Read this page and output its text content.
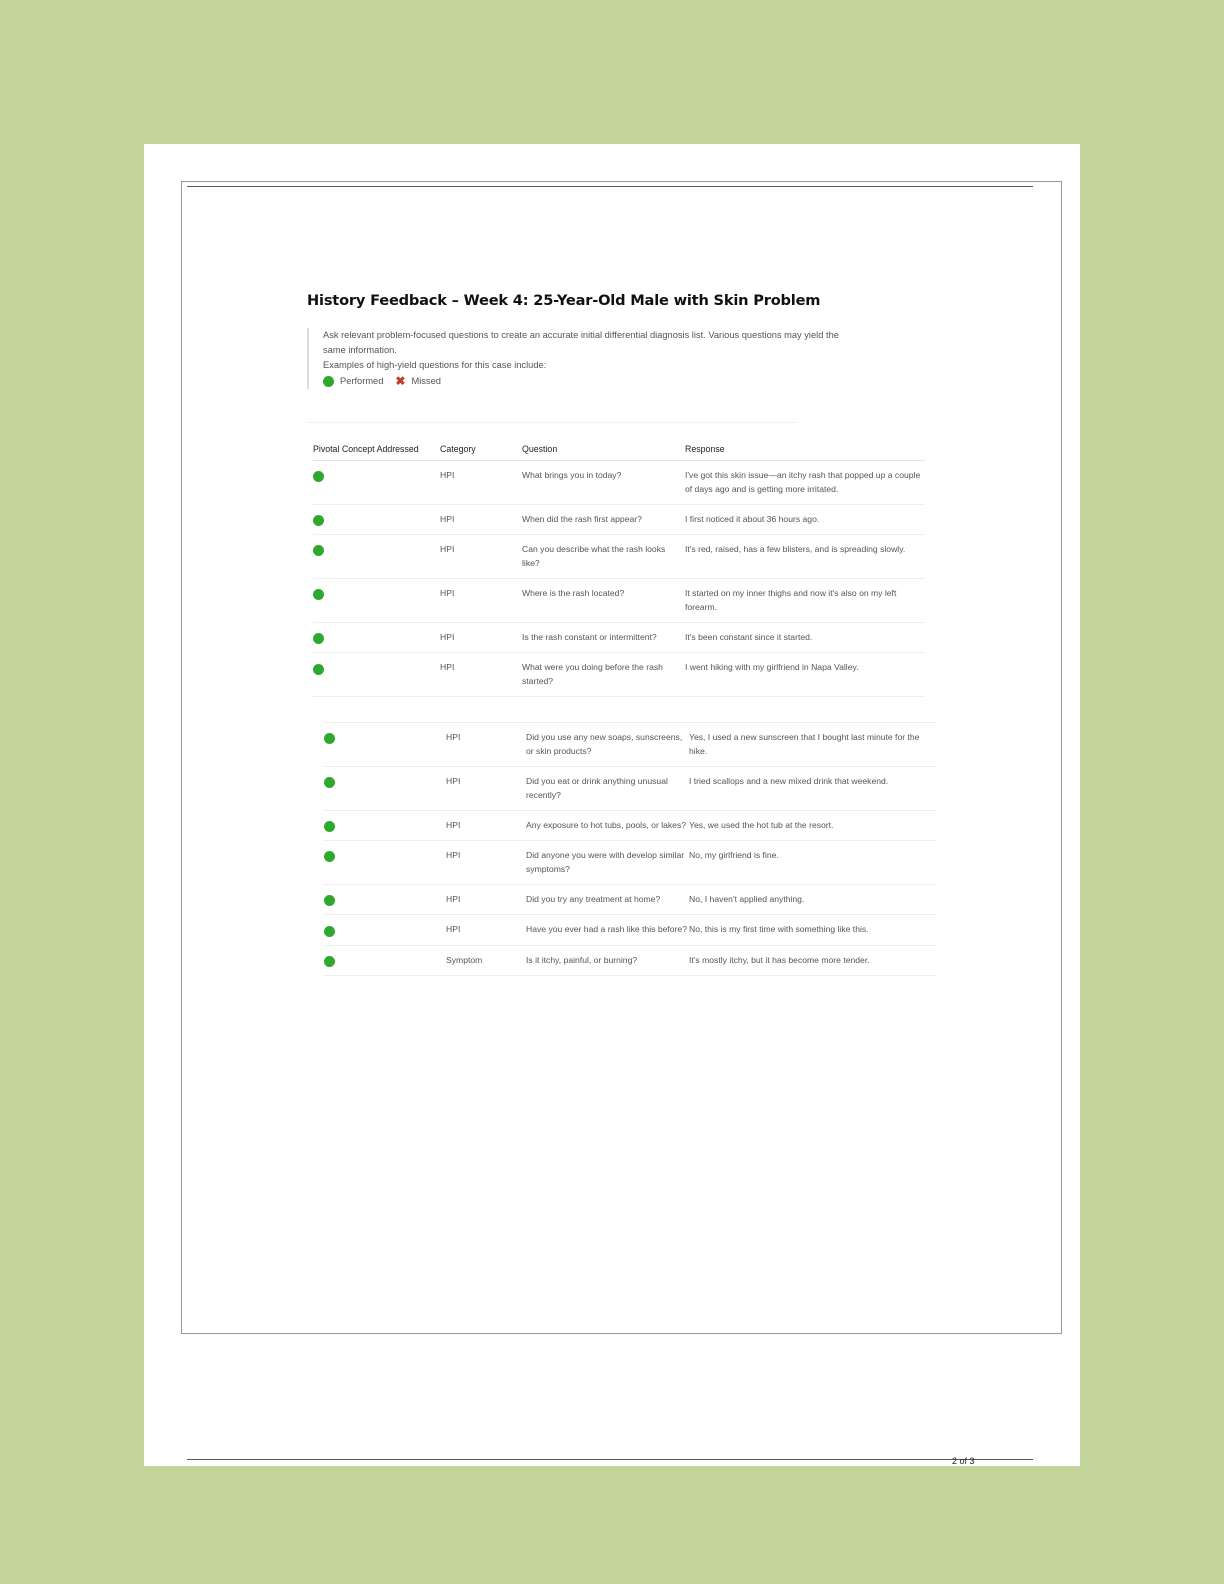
History Feedback – Week 4: 25-Year-Old Male with Skin Problem
Ask relevant problem-focused questions to create an accurate initial differential diagnosis list. Various questions may yield the same information.
Examples of high-yield questions for this case include:
Performed ✖ Missed
Pivotal Concept Addressed	Category	Question	Response
	HPI	What brings you in today?	I've got this skin issue—an itchy rash that popped up a couple of days ago and is getting more irritated.
	HPI	When did the rash first appear?	I first noticed it about 36 hours ago.
	HPI	Can you describe what the rash looks like?	It's red, raised, has a few blisters, and is spreading slowly.
	HPI	Where is the rash located?	It started on my inner thighs and now it's also on my left forearm.
	HPI	Is the rash constant or intermittent?	It's been constant since it started.
	HPI	What were you doing before the rash started?	I went hiking with my girlfriend in Napa Valley.
	HPI	Did you use any new soaps, sunscreens, or skin products?	Yes, I used a new sunscreen that I bought last minute for the hike.
	HPI	Did you eat or drink anything unusual recently?	I tried scallops and a new mixed drink that weekend.
	HPI	Any exposure to hot tubs, pools, or lakes?	Yes, we used the hot tub at the resort.
	HPI	Did anyone you were with develop similar symptoms?	No, my girlfriend is fine.
	HPI	Did you try any treatment at home?	No, I haven't applied anything.
	HPI	Have you ever had a rash like this before?	No, this is my first time with something like this.
	Symptom	Is it itchy, painful, or burning?	It's mostly itchy, but it has become more tender.
2 of 3
